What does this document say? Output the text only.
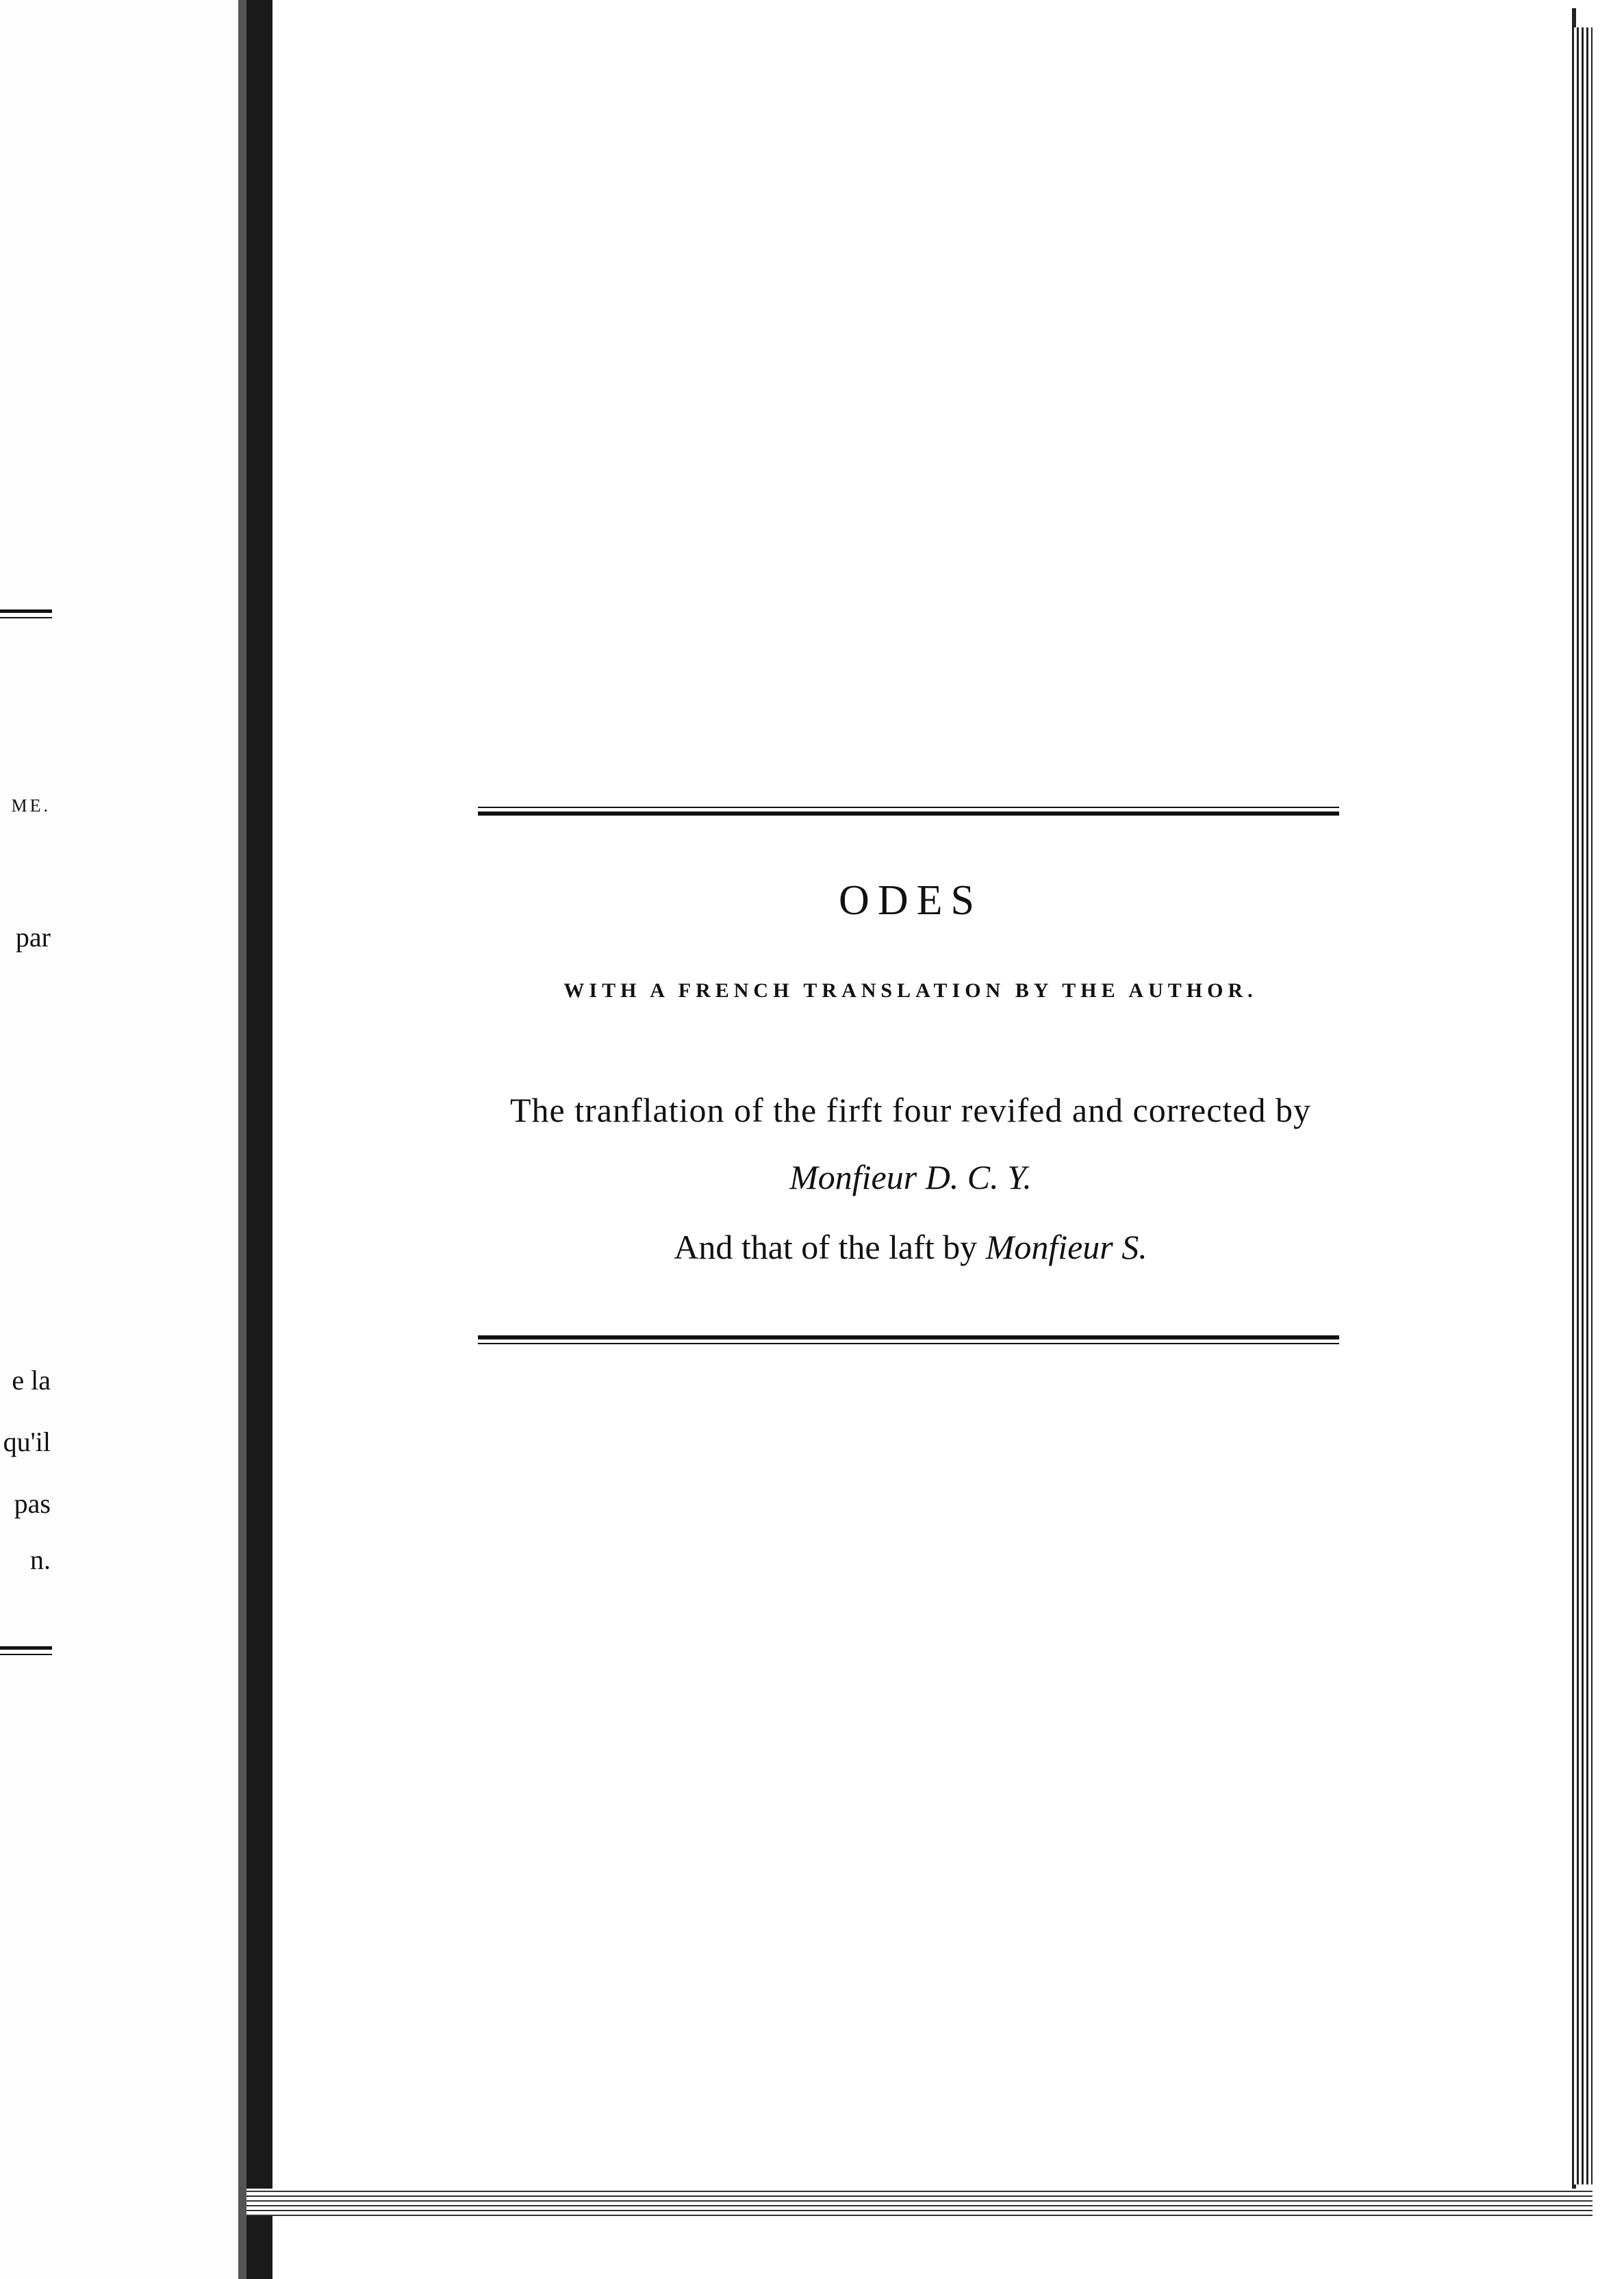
ME.
par
e la
qu'il
pas
n.
ODES
WITH A FRENCH TRANSLATION BY THE AUTHOR.
The tranflation of the firft four revifed and corrected by
Monfieur D. C. Y.
And that of the laft by Monfieur S.
